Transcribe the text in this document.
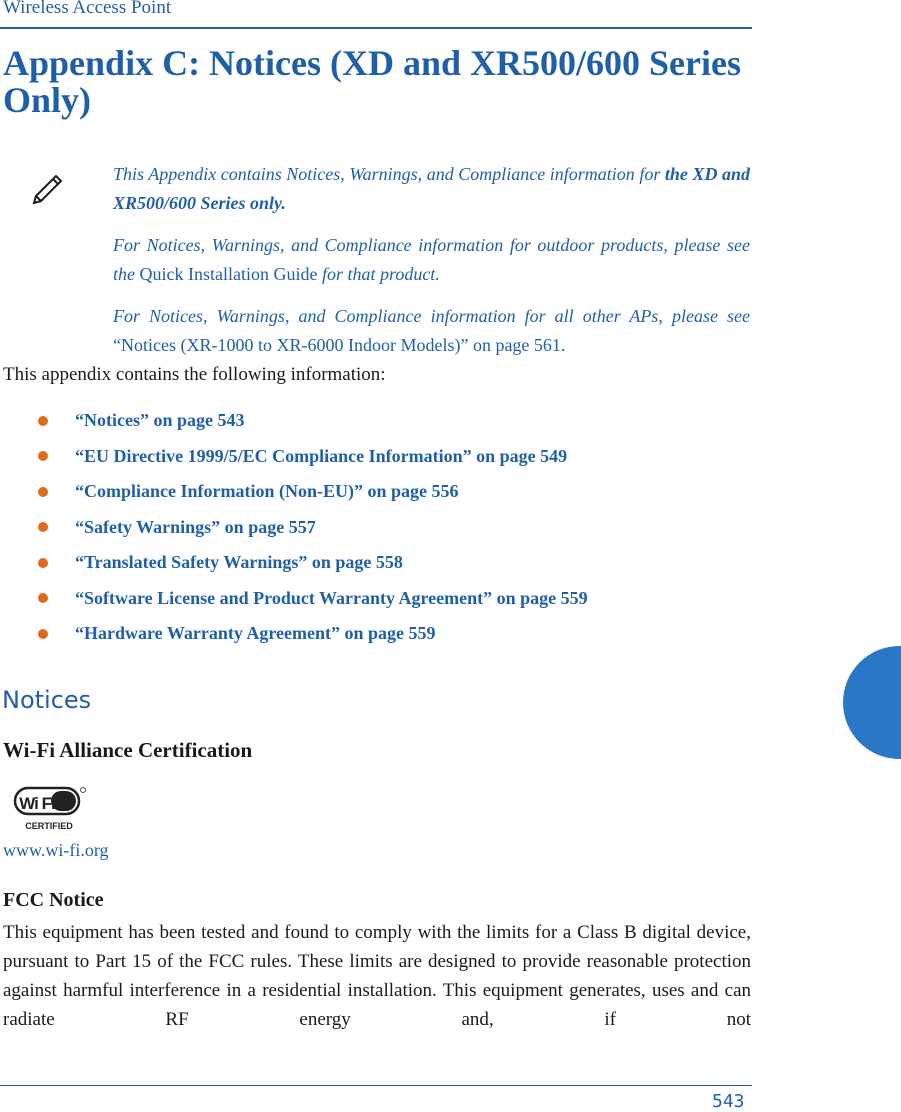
Wireless Access Point
Appendix C: Notices (XD and XR500/600 Series Only)

This Appendix contains Notices, Warnings, and Compliance information for the XD and XR500/600 Series only.

For Notices, Warnings, and Compliance information for outdoor products, please see the Quick Installation Guide for that product.

For Notices, Warnings, and Compliance information for all other APs, please see “Notices (XR-1000 to XR-6000 Indoor Models)” on page 561.

This appendix contains the following information:
“Notices” on page 543
“EU Directive 1999/5/EC Compliance Information” on page 549
“Compliance Information (Non-EU)” on page 556
“Safety Warnings” on page 557
“Translated Safety Warnings” on page 558
“Software License and Product Warranty Agreement” on page 559
“Hardware Warranty Agreement” on page 559
Notices
Wi-Fi Alliance Certification
Wi Fi
CERTIFIED
www.wi-fi.org
FCC Notice
This equipment has been tested and found to comply with the limits for a Class B digital device, pursuant to Part 15 of the FCC rules. These limits are designed to provide reasonable protection against harmful interference in a residential installation. This equipment generates, uses and can radiate RF energy and, if not
543
